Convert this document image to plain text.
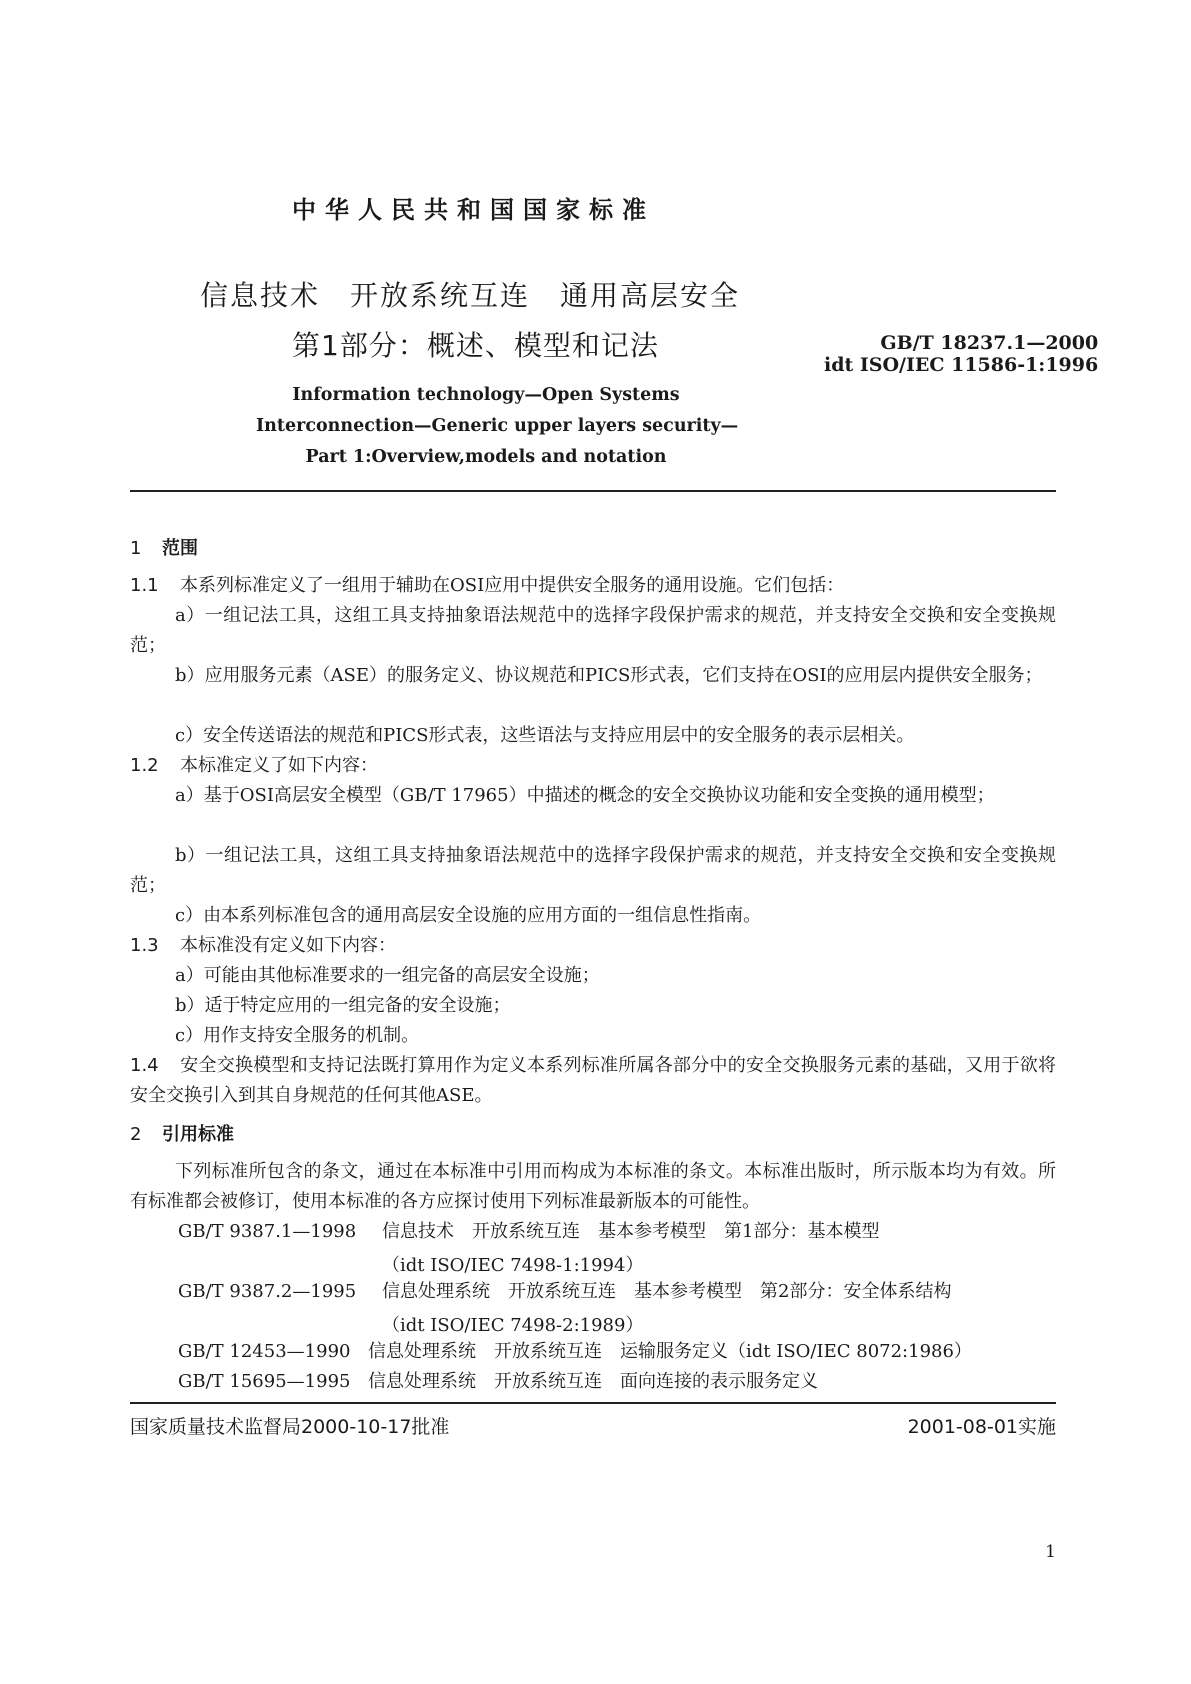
中华人民共和国国家标准
信息技术　开放系统互连　通用高层安全
第1部分：概述、模型和记法	GB/T 18237.1—2000
idt ISO/IEC 11586-1:1996
Information technology—Open Systems
Interconnection—Generic upper layers security—
Part 1:Overview,models and notation
1 范围
1.1 本系列标准定义了一组用于辅助在OSI应用中提供安全服务的通用设施。它们包括：
a）一组记法工具，这组工具支持抽象语法规范中的选择字段保护需求的规范，并支持安全交换和安全变换规范；
b）应用服务元素（ASE）的服务定义、协议规范和PICS形式表，它们支持在OSI的应用层内提供安全服务；
c）安全传送语法的规范和PICS形式表，这些语法与支持应用层中的安全服务的表示层相关。
1.2 本标准定义了如下内容：
a）基于OSI高层安全模型（GB/T 17965）中描述的概念的安全交换协议功能和安全变换的通用模型；
b）一组记法工具，这组工具支持抽象语法规范中的选择字段保护需求的规范，并支持安全交换和安全变换规范；
c）由本系列标准包含的通用高层安全设施的应用方面的一组信息性指南。
1.3 本标准没有定义如下内容：
a）可能由其他标准要求的一组完备的高层安全设施；
b）适于特定应用的一组完备的安全设施；
c）用作支持安全服务的机制。
1.4 安全交换模型和支持记法既打算用作为定义本系列标准所属各部分中的安全交换服务元素的基础，又用于欲将安全交换引入到其自身规范的任何其他ASE。
2 引用标准
下列标准所包含的条文，通过在本标准中引用而构成为本标准的条文。本标准出版时，所示版本均为有效。所有标准都会被修订，使用本标准的各方应探讨使用下列标准最新版本的可能性。
GB/T 9387.1—1998 信息技术　开放系统互连　基本参考模型　第1部分：基本模型
（idt ISO/IEC 7498-1:1994）
GB/T 9387.2—1995 信息处理系统　开放系统互连　基本参考模型　第2部分：安全体系结构
（idt ISO/IEC 7498-2:1989）
GB/T 12453—1990 信息处理系统　开放系统互连　运输服务定义（idt ISO/IEC 8072:1986）
GB/T 15695—1995 信息处理系统　开放系统互连　面向连接的表示服务定义
国家质量技术监督局2000-10-17批准	2001-08-01实施
1
